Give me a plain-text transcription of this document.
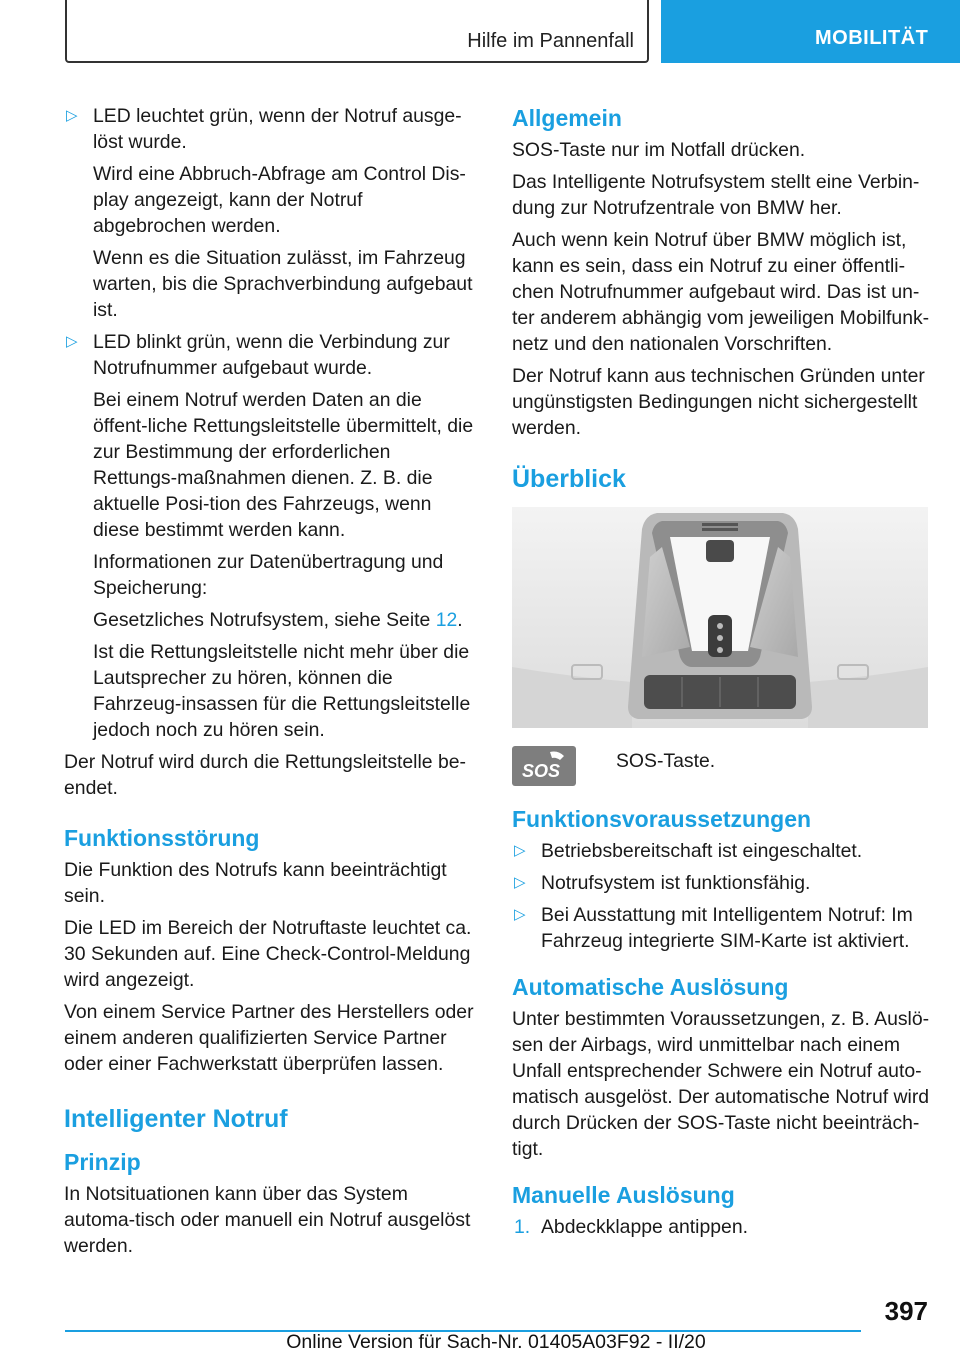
Hilfe im Pannenfall	MOBILITÄT
▷ LED leuchtet grün, wenn der Notruf ausge‐löst wurde.

Wird eine Abbruch‐Abfrage am Control Dis‐play angezeigt, kann der Notruf abgebrochen werden.

Wenn es die Situation zulässt, im Fahrzeug warten, bis die Sprachverbindung aufgebaut ist.

▷ LED blinkt grün, wenn die Verbindung zur Notrufnummer aufgebaut wurde.

Bei einem Notruf werden Daten an die öffent‐liche Rettungsleitstelle übermittelt, die zur Bestimmung der erforderlichen Rettungs‐maßnahmen dienen. Z. B. die aktuelle Posi‐tion des Fahrzeugs, wenn diese bestimmt werden kann.

Informationen zur Datenübertragung und Speicherung:

Gesetzliches Notrufsystem, siehe Seite 12.

Ist die Rettungsleitstelle nicht mehr über die Lautsprecher zu hören, können die Fahrzeug‐insassen für die Rettungsleitstelle jedoch noch zu hören sein.

Der Notruf wird durch die Rettungsleitstelle be‐endet.

Funktionsstörung

Die Funktion des Notrufs kann beeinträchtigt sein.

Die LED im Bereich der Notruftaste leuchtet ca. 30 Sekunden auf. Eine Check-Control-Meldung wird angezeigt.

Von einem Service Partner des Herstellers oder einem anderen qualifizierten Service Partner oder einer Fachwerkstatt überprüfen lassen.

Intelligenter Notruf
Prinzip

In Notsituationen kann über das System automa‐tisch oder manuell ein Notruf ausgelöst werden.

Allgemein

SOS-Taste nur im Notfall drücken.

Das Intelligente Notrufsystem stellt eine Verbin‐dung zur Notrufzentrale von BMW her.

Auch wenn kein Notruf über BMW möglich ist, kann es sein, dass ein Notruf zu einer öffentli‐chen Notrufnummer aufgebaut wird. Das ist un‐ter anderem abhängig vom jeweiligen Mobilfunk‐netz und den nationalen Vorschriften.

Der Notruf kann aus technischen Gründen unter ungünstigsten Bedingungen nicht sichergestellt werden.

Überblick
SOS	SOS-Taste.

Funktionsvoraussetzungen
▷ Betriebsbereitschaft ist eingeschaltet.
▷ Notrufsystem ist funktionsfähig.
▷ Bei Ausstattung mit Intelligentem Notruf: Im Fahrzeug integrierte SIM-Karte ist aktiviert.
Automatische Auslösung

Unter bestimmten Voraussetzungen, z. B. Auslö‐sen der Airbags, wird unmittelbar nach einem Unfall entsprechender Schwere ein Notruf auto‐matisch ausgelöst. Der automatische Notruf wird durch Drücken der SOS-Taste nicht beeinträch‐tigt.

Manuelle Auslösung
1. Abdeckklappe antippen.
397
Online Version für Sach-Nr. 01405A03F92 - II/20
